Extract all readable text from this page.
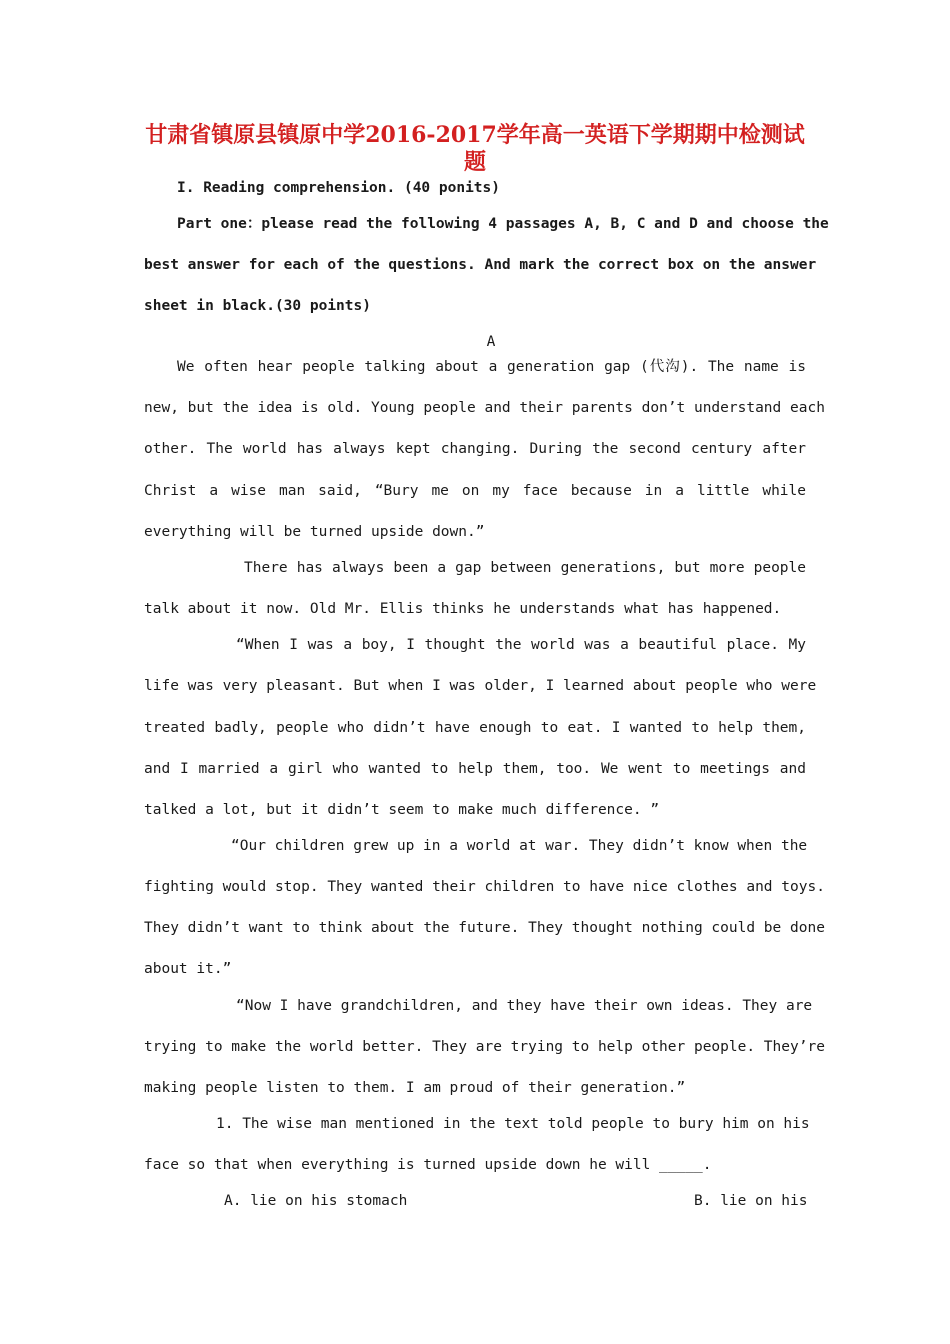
甘肃省镇原县镇原中学2016-2017学年高一英语下学期期中检测试题
I. Reading comprehension. (40 ponits)
Part one：please read the following 4 passages A, B, C and D and choose the
best answer for each of the questions. And mark the correct box on the answer
sheet in black.(30 points)
A
We often hear people talking about a generation gap (代沟). The name is
new, but the idea is old. Young people and their parents don’t understand each
other. The world has always kept changing. During the second century after
Christ a wise man said, “Bury me on my face because in a little while
everything will be turned upside down.”
There has always been a gap between generations, but more people
talk about it now. Old Mr. Ellis thinks he understands what has happened.
“When I was a boy, I thought the world was a beautiful place. My
life was very pleasant. But when I was older, I learned about people who were
treated badly, people who didn’t have enough to eat. I wanted to help them,
and I married a girl who wanted to help them, too. We went to meetings and
talked a lot, but it didn’t seem to make much difference. ”
“Our children grew up in a world at war. They didn’t know when the
fighting would stop. They wanted their children to have nice clothes and toys.
They didn’t want to think about the future. They thought nothing could be done
about it.”
“Now I have grandchildren, and they have their own ideas. They are
trying to make the world better. They are trying to help other people. They’re
making people listen to them. I am proud of their generation.”
1. The wise man mentioned in the text told people to bury him on his
face so that when everything is turned upside down he will _____.
A. lie on his stomach	B. lie on his
